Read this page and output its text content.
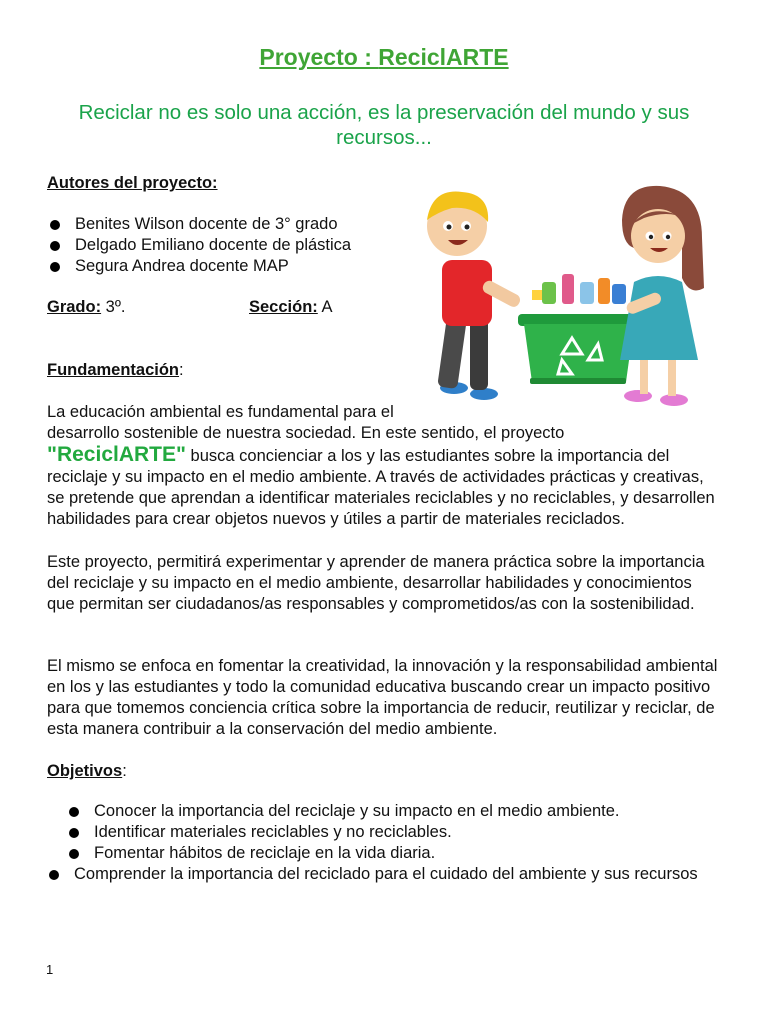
Proyecto : ReciclARTE
Reciclar no es solo una acción, es la preservación del mundo y sus recursos...
Autores del proyecto:
Benites Wilson docente de 3° grado
Delgado Emiliano docente de plástica
Segura Andrea docente MAP
Grado: 3º.	Sección: A
Fundamentación:
La educación ambiental es fundamental para el
desarrollo sostenible de nuestra sociedad. En este sentido, el proyecto
"ReciclARTE" busca concienciar a los y las estudiantes sobre la importancia del
reciclaje y su impacto en el medio ambiente. A través de actividades prácticas y creativas, se pretende que aprendan a identificar materiales reciclables y no reciclables, y desarrollen habilidades para crear objetos nuevos y útiles a partir de materiales reciclados.
Este proyecto, permitirá experimentar y aprender de manera práctica sobre la importancia del reciclaje y su impacto en el medio ambiente, desarrollar habilidades y conocimientos que permitan ser ciudadanos/as responsables y comprometidos/as con la sostenibilidad.
El mismo se enfoca en fomentar la creatividad, la innovación y la responsabilidad ambiental en los y las estudiantes y todo la comunidad educativa buscando crear un impacto positivo para que tomemos conciencia crítica sobre la importancia de reducir, reutilizar y reciclar, de esta manera contribuir a la conservación del medio ambiente.
Objetivos:
Conocer la importancia del reciclaje y su impacto en el medio ambiente.
Identificar materiales reciclables y no reciclables.
Fomentar hábitos de reciclaje en la vida diaria.
Comprender la importancia del reciclado para el cuidado del ambiente y sus recursos
1
